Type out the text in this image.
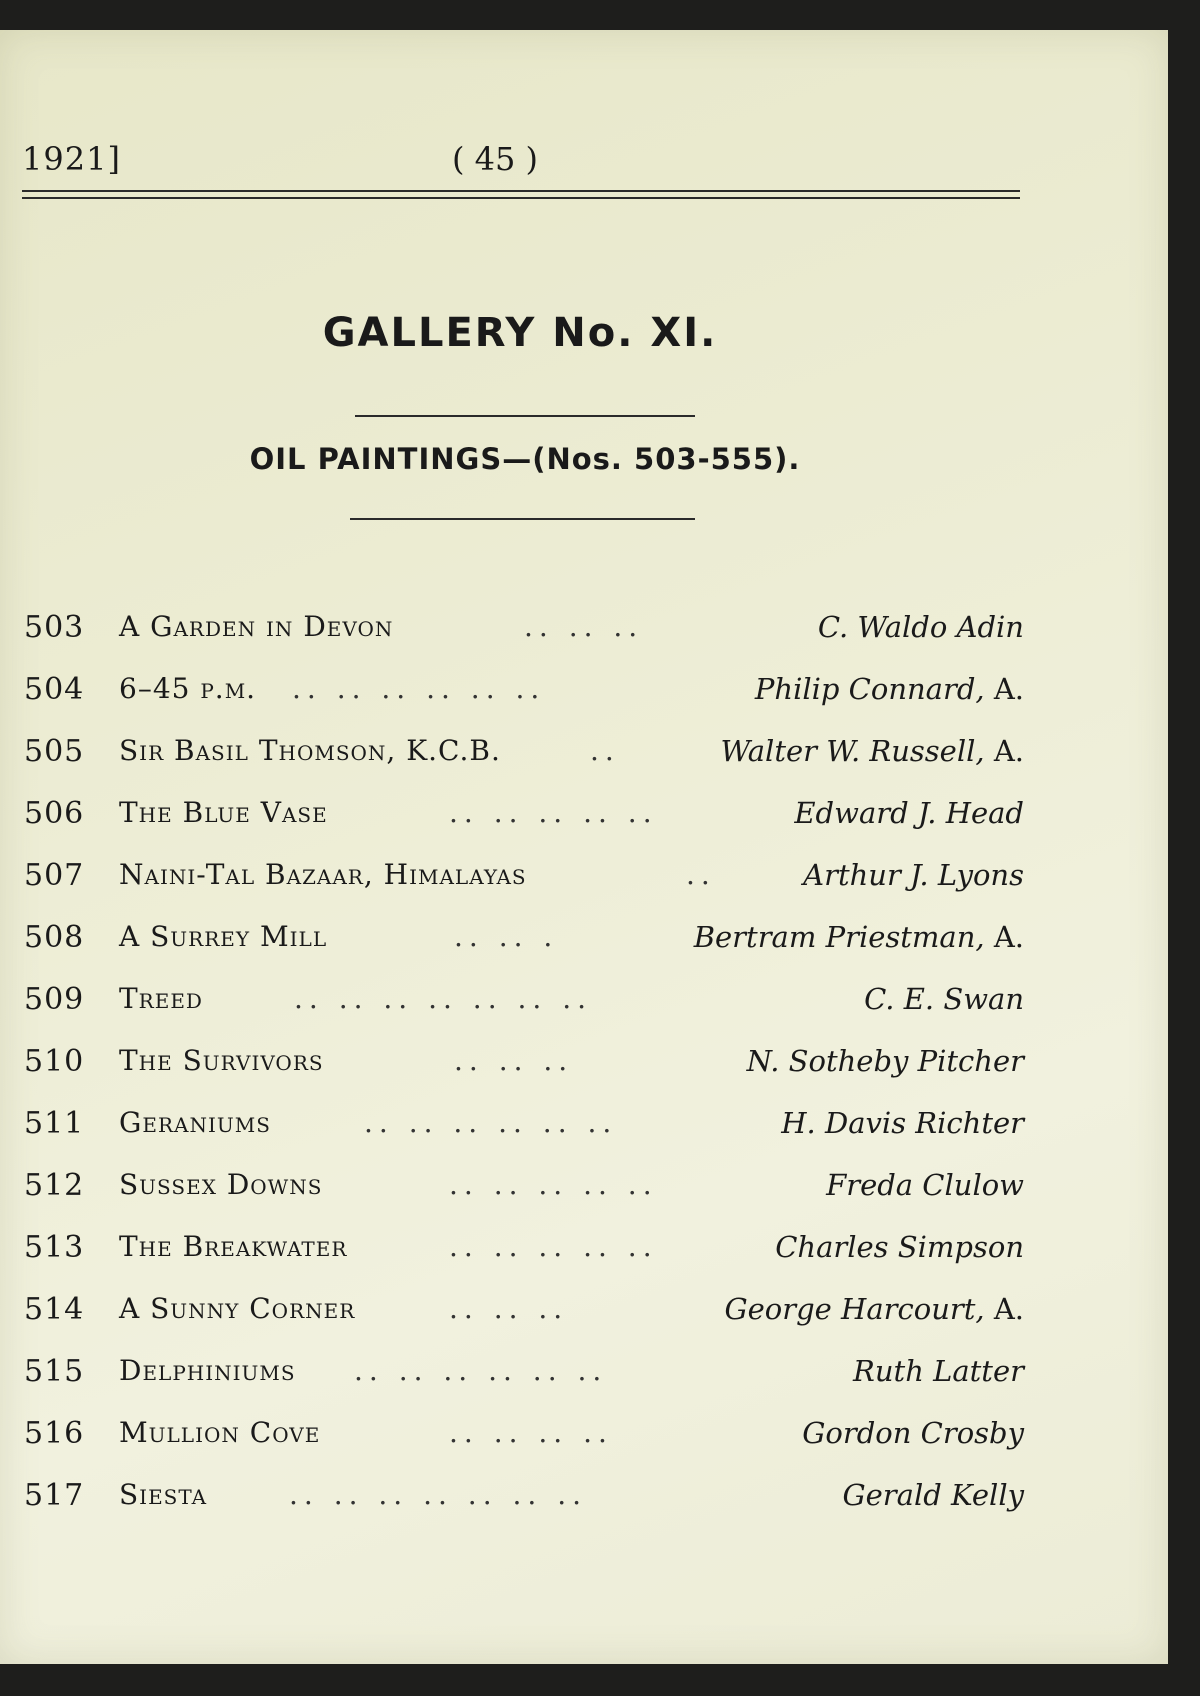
1921]	( 45 )
GALLERY No. XI.
OIL PAINTINGS—(Nos. 503-555).
503 A Garden in Devon	.. .. ..	C. Waldo Adin
504 6–45 p.m. .. .. .. .. .. ..	Philip Connard, A.
505 Sir Basil Thomson, K.C.B.	..	Walter W. Russell, A.
506 The Blue Vase	.. .. .. .. ..	Edward J. Head
507 Naini-Tal Bazaar, Himalayas	..	Arthur J. Lyons
508 A Surrey Mill	.. .. .	Bertram Priestman, A.
509 Treed	.. .. .. .. .. .. ..	C. E. Swan
510 The Survivors	.. .. ..	N. Sotheby Pitcher
511 Geraniums	.. .. .. .. .. ..	H. Davis Richter
512 Sussex Downs	.. .. .. .. ..	Freda Clulow
513 The Breakwater	.. .. .. .. ..	Charles Simpson
514 A Sunny Corner	.. .. ..	George Harcourt, A.
515 Delphiniums .. .. .. .. .. ..	Ruth Latter
516 Mullion Cove	.. .. .. ..	Gordon Crosby
517 Siesta	.. .. .. .. .. .. ..	Gerald Kelly
